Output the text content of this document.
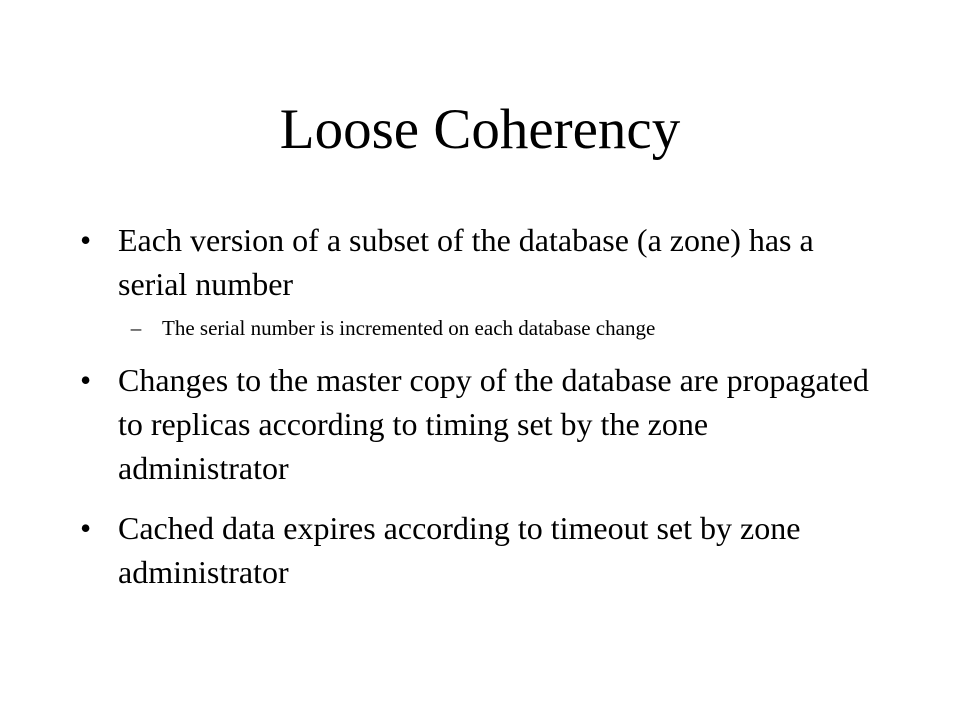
Loose Coherency
• Each version of a subset of the database (a zone) has a serial number
– The serial number is incremented on each database change
• Changes to the master copy of the database are propagated to replicas according to timing set by the zone administrator
• Cached data expires according to timeout set by zone administrator
